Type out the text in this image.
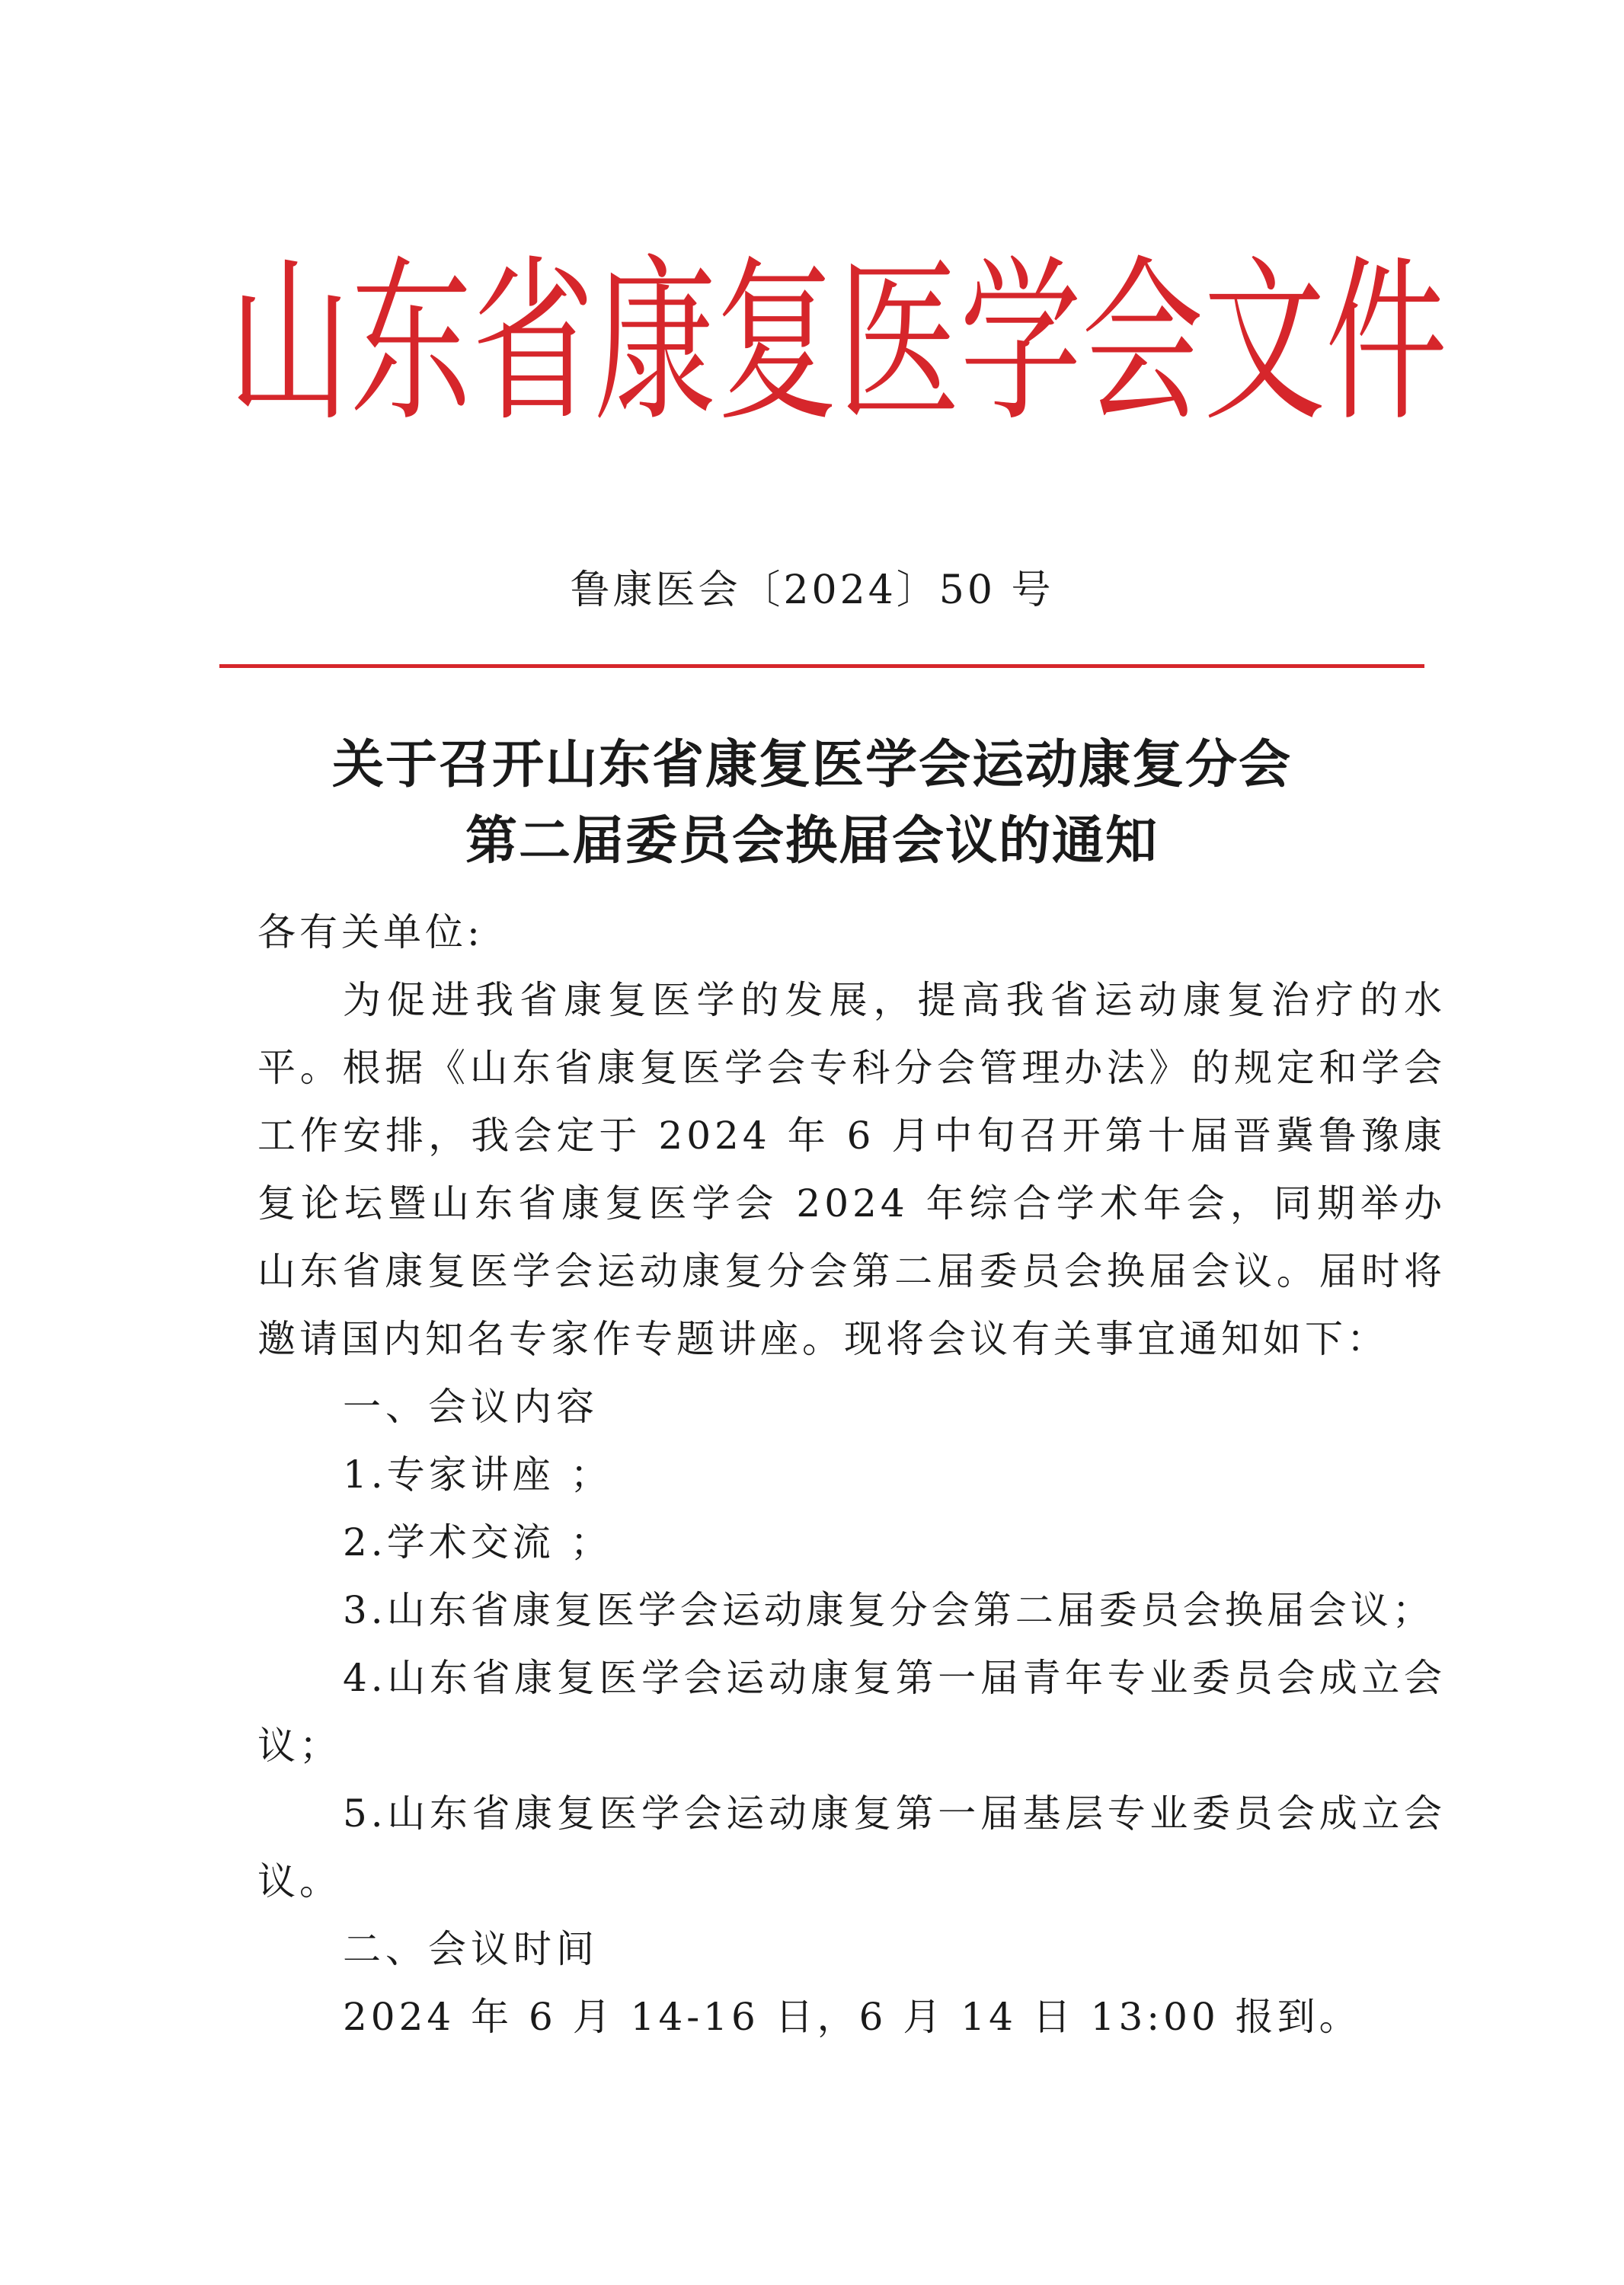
山东省康复医学会文件
鲁康医会〔2024〕50 号
关于召开山东省康复医学会运动康复分会
第二届委员会换届会议的通知

各有关单位:

为促进我省康复医学的发展，提高我省运动康复治疗的水平。根据《山东省康复医学会专科分会管理办法》的规定和学会工作安排，我会定于 2024 年 6 月中旬召开第十届晋冀鲁豫康复论坛暨山东省康复医学会 2024 年综合学术年会，同期举办山东省康复医学会运动康复分会第二届委员会换届会议。届时将邀请国内知名专家作专题讲座。现将会议有关事宜通知如下：

一、会议内容

1.专家讲座 ；

2.学术交流 ；

3.山东省康复医学会运动康复分会第二届委员会换届会议；

4.山东省康复医学会运动康复第一届青年专业委员会成立会议；

5.山东省康复医学会运动康复第一届基层专业委员会成立会议。

二、会议时间

2024 年 6 月 14-16 日，6 月 14 日 13:00 报到。
